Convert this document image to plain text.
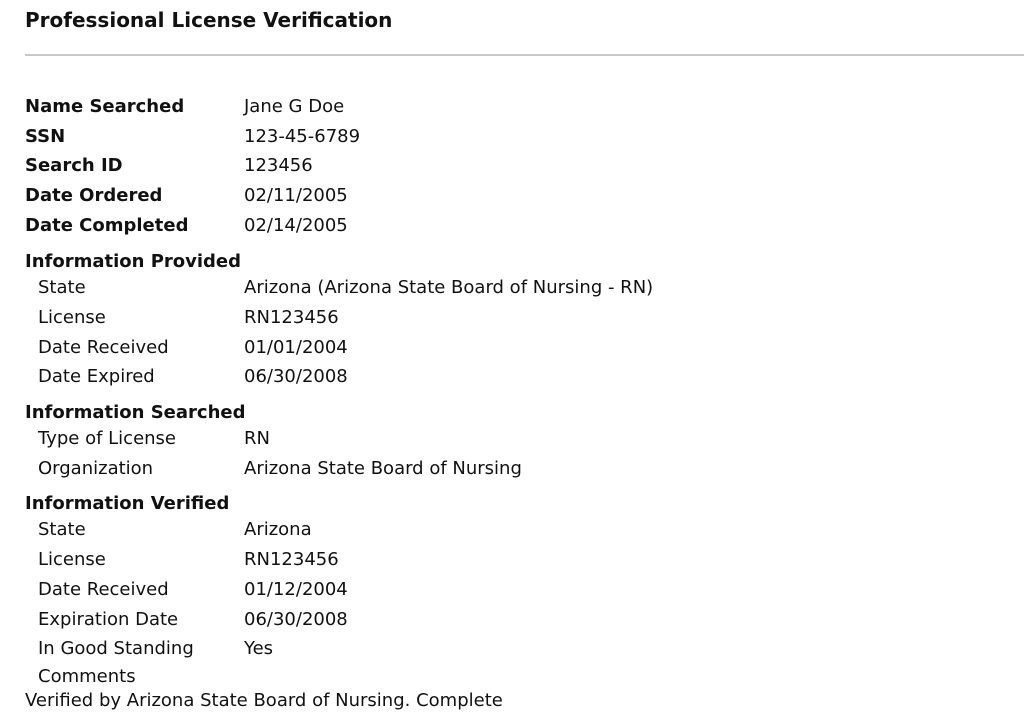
Professional License Verification
Name Searched	Jane G Doe
SSN	123-45-6789
Search ID	123456
Date Ordered	02/11/2005
Date Completed	02/14/2005
Information Provided
State	Arizona (Arizona State Board of Nursing - RN)
License	RN123456
Date Received	01/01/2004
Date Expired	06/30/2008
Information Searched
Type of License	RN
Organization	Arizona State Board of Nursing
Information Verified
State	Arizona
License	RN123456
Date Received	01/12/2004
Expiration Date	06/30/2008
In Good Standing	Yes
Comments
Verified by Arizona State Board of Nursing. Complete
